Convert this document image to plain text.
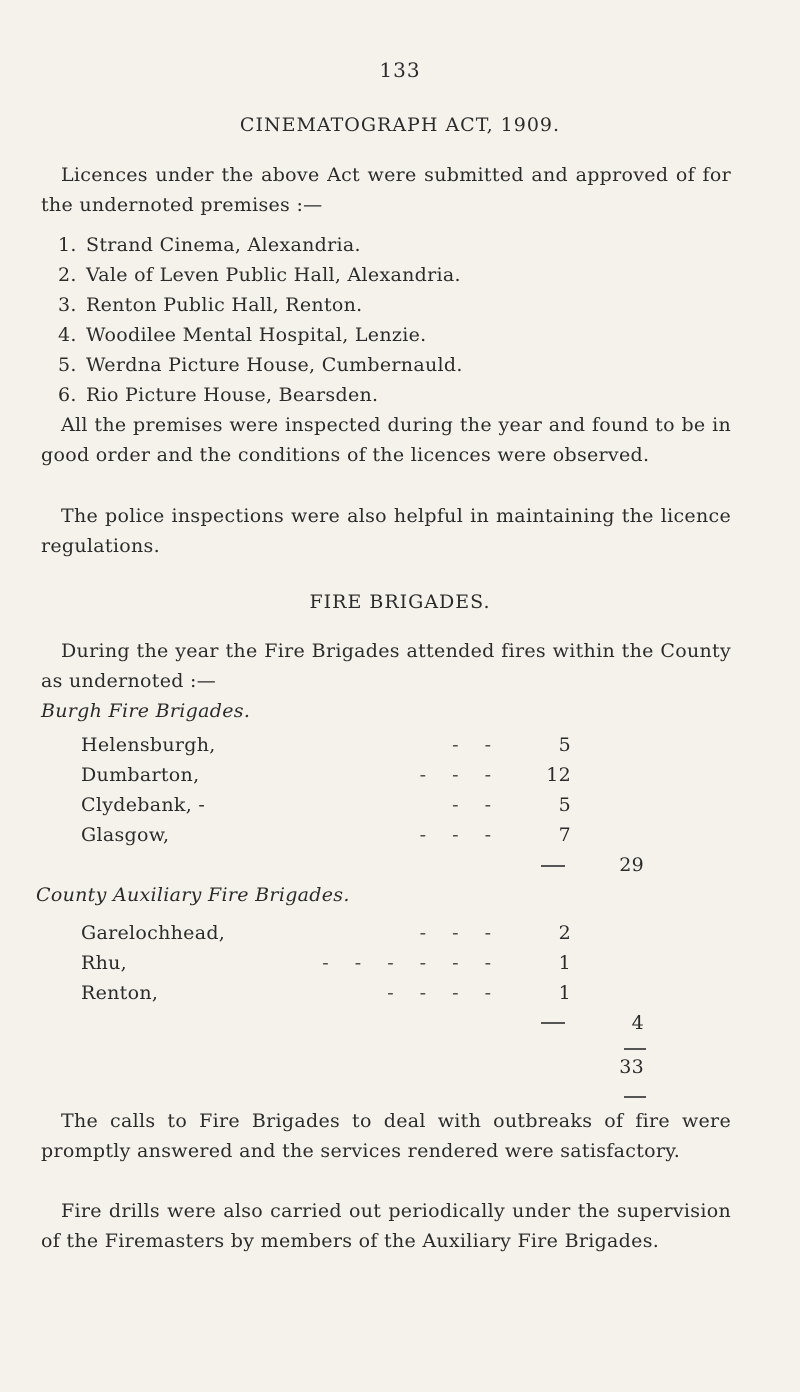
133
CINEMATOGRAPH ACT, 1909.
Licences under the above Act were submitted and approved of for the undernoted premises :—
1. Strand Cinema, Alexandria.
2. Vale of Leven Public Hall, Alexandria.
3. Renton Public Hall, Renton.
4. Woodilee Mental Hospital, Lenzie.
5. Werdna Picture House, Cumbernauld.
6. Rio Picture House, Bearsden.
All the premises were inspected during the year and found to be in good order and the conditions of the licences were observed.
The police inspections were also helpful in maintaining the licence regulations.
FIRE BRIGADES.
During the year the Fire Brigades attended fires within the County as undernoted :—
Burgh Fire Brigades.
Helensburgh,	- -	5
Dumbarton,	- - -	12
Clydebank, -	- -	5
Glasgow,	- - -	7
29
County Auxiliary Fire Brigades.
Garelochhead,	- - -	2
Rhu,	- - - - - -	1
Renton,	- - - -	1
4
33
The calls to Fire Brigades to deal with outbreaks of fire were promptly answered and the services rendered were satisfactory.
Fire drills were also carried out periodically under the supervision of the Firemasters by members of the Auxiliary Fire Brigades.
